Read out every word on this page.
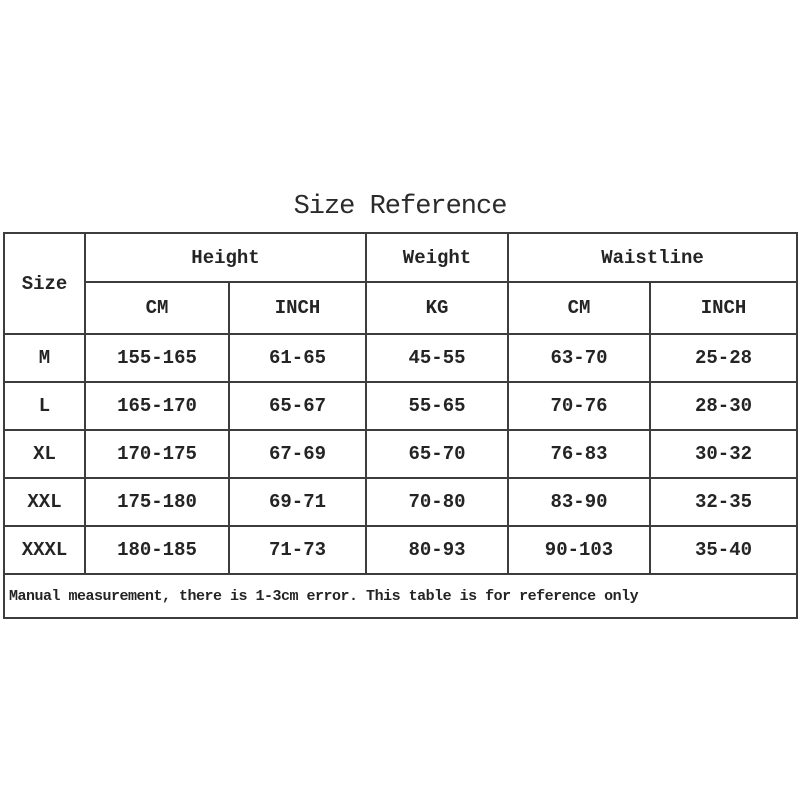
Size Reference
Size	Height		Weight	Waistline	
	CM	INCH	KG	CM	INCH
M	155-165	61-65	45-55	63-70	25-28
L	165-170	65-67	55-65	70-76	28-30
XL	170-175	67-69	65-70	76-83	30-32
XXL	175-180	69-71	70-80	83-90	32-35
XXXL	180-185	71-73	80-93	90-103	35-40
Manual measurement, there is 1-3cm error. This table is for reference only					
